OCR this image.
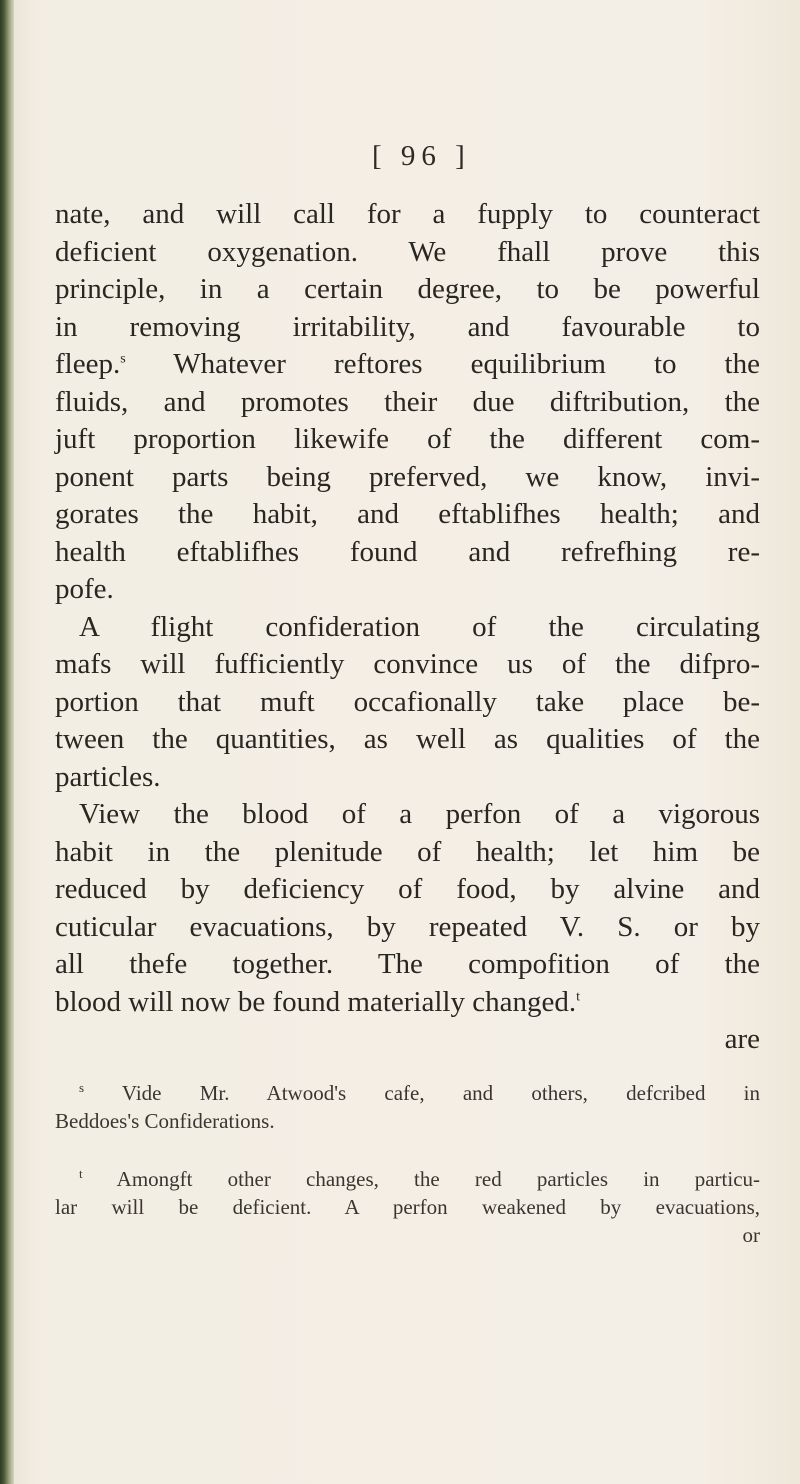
[ 96 ]
nate, and will call for a fupply to counteract
deficient oxygenation. We fhall prove this
principle, in a certain degree, to be powerful
in removing irritability, and favourable to
fleep.$^s$ Whatever reftores equilibrium to the
fluids, and promotes their due diftribution, the
juft proportion likewife of the different com-
ponent parts being preferved, we know, invi-
gorates the habit, and eftablifhes health; and
health eftablifhes found and refrefhing re-
pofe.
A flight confideration of the circulating
mafs will fufficiently convince us of the difpro-
portion that muft occafionally take place be-
tween the quantities, as well as qualities of the
particles.
View the blood of a perfon of a vigorous
habit in the plenitude of health; let him be
reduced by deficiency of food, by alvine and
cuticular evacuations, by repeated V. S. or by
all thefe together. The compofition of the
blood will now be found materially changed.$^t$
are
$^s$ Vide Mr. Atwood's cafe, and others, defcribed in
Beddoes's Confiderations.
$^t$ Amongft other changes, the red particles in particu-
lar will be deficient. A perfon weakened by evacuations,
or
